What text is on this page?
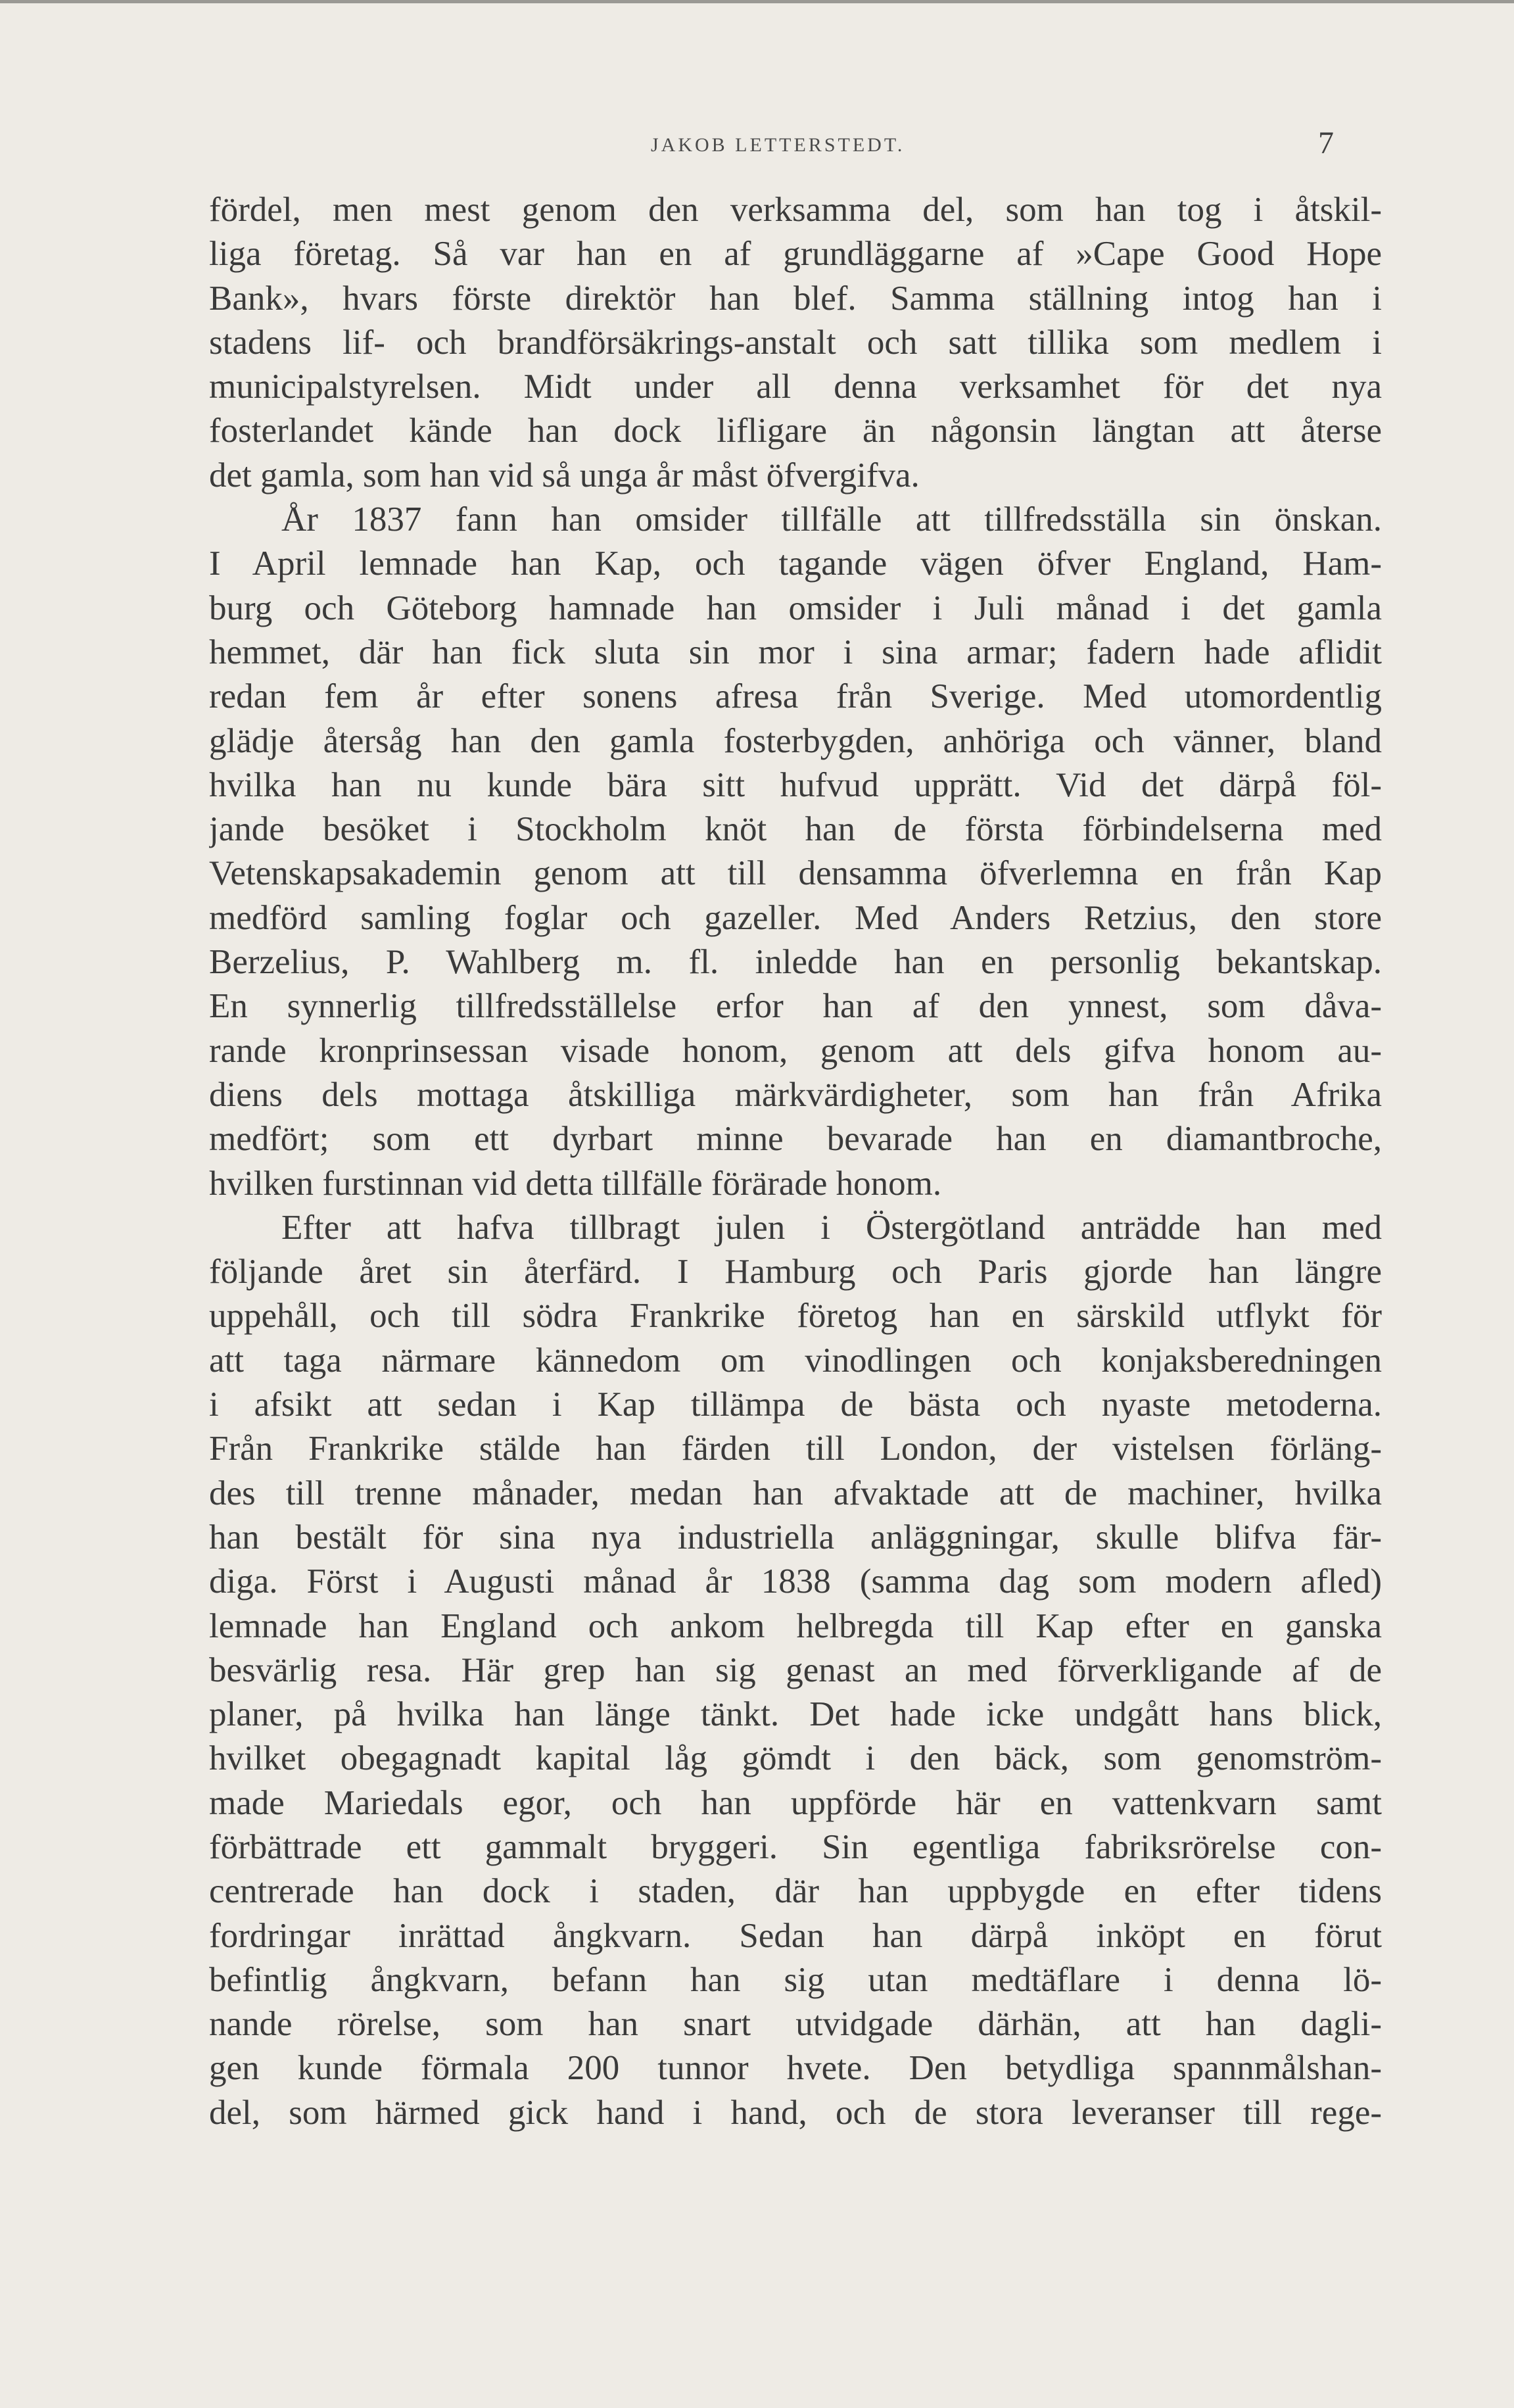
JAKOB LETTERSTEDT.	7
fördel, men mest genom den verksamma del, som han tog i åtskil-
liga företag. Så var han en af grundläggarne af »Cape Good Hope
Bank», hvars förste direktör han blef. Samma ställning intog han i
stadens lif- och brandförsäkrings-anstalt och satt tillika som medlem i
municipalstyrelsen. Midt under all denna verksamhet för det nya
fosterlandet kände han dock lifligare än någonsin längtan att återse
det gamla, som han vid så unga år måst öfvergifva.
År 1837 fann han omsider tillfälle att tillfredsställa sin önskan.
I April lemnade han Kap, och tagande vägen öfver England, Ham-
burg och Göteborg hamnade han omsider i Juli månad i det gamla
hemmet, där han fick sluta sin mor i sina armar; fadern hade aflidit
redan fem år efter sonens afresa från Sverige. Med utomordentlig
glädje återsåg han den gamla fosterbygden, anhöriga och vänner, bland
hvilka han nu kunde bära sitt hufvud upprätt. Vid det därpå föl-
jande besöket i Stockholm knöt han de första förbindelserna med
Vetenskapsakademin genom att till densamma öfverlemna en från Kap
medförd samling foglar och gazeller. Med Anders Retzius, den store
Berzelius, P. Wahlberg m. fl. inledde han en personlig bekantskap.
En synnerlig tillfredsställelse erfor han af den ynnest, som dåva-
rande kronprinsessan visade honom, genom att dels gifva honom au-
diens dels mottaga åtskilliga märkvärdigheter, som han från Afrika
medfört; som ett dyrbart minne bevarade han en diamantbroche,
hvilken furstinnan vid detta tillfälle förärade honom.
Efter att hafva tillbragt julen i Östergötland anträdde han med
följande året sin återfärd. I Hamburg och Paris gjorde han längre
uppehåll, och till södra Frankrike företog han en särskild utflykt för
att taga närmare kännedom om vinodlingen och konjaksberedningen
i afsikt att sedan i Kap tillämpa de bästa och nyaste metoderna.
Från Frankrike stälde han färden till London, der vistelsen förläng-
des till trenne månader, medan han afvaktade att de machiner, hvilka
han bestält för sina nya industriella anläggningar, skulle blifva fär-
diga. Först i Augusti månad år 1838 (samma dag som modern afled)
lemnade han England och ankom helbregda till Kap efter en ganska
besvärlig resa. Här grep han sig genast an med förverkligande af de
planer, på hvilka han länge tänkt. Det hade icke undgått hans blick,
hvilket obegagnadt kapital låg gömdt i den bäck, som genomström-
made Mariedals egor, och han uppförde här en vattenkvarn samt
förbättrade ett gammalt bryggeri. Sin egentliga fabriksrörelse con-
centrerade han dock i staden, där han uppbygde en efter tidens
fordringar inrättad ångkvarn. Sedan han därpå inköpt en förut
befintlig ångkvarn, befann han sig utan medtäflare i denna lö-
nande rörelse, som han snart utvidgade därhän, att han dagli-
gen kunde förmala 200 tunnor hvete. Den betydliga spannmålshan-
del, som härmed gick hand i hand, och de stora leveranser till rege-
